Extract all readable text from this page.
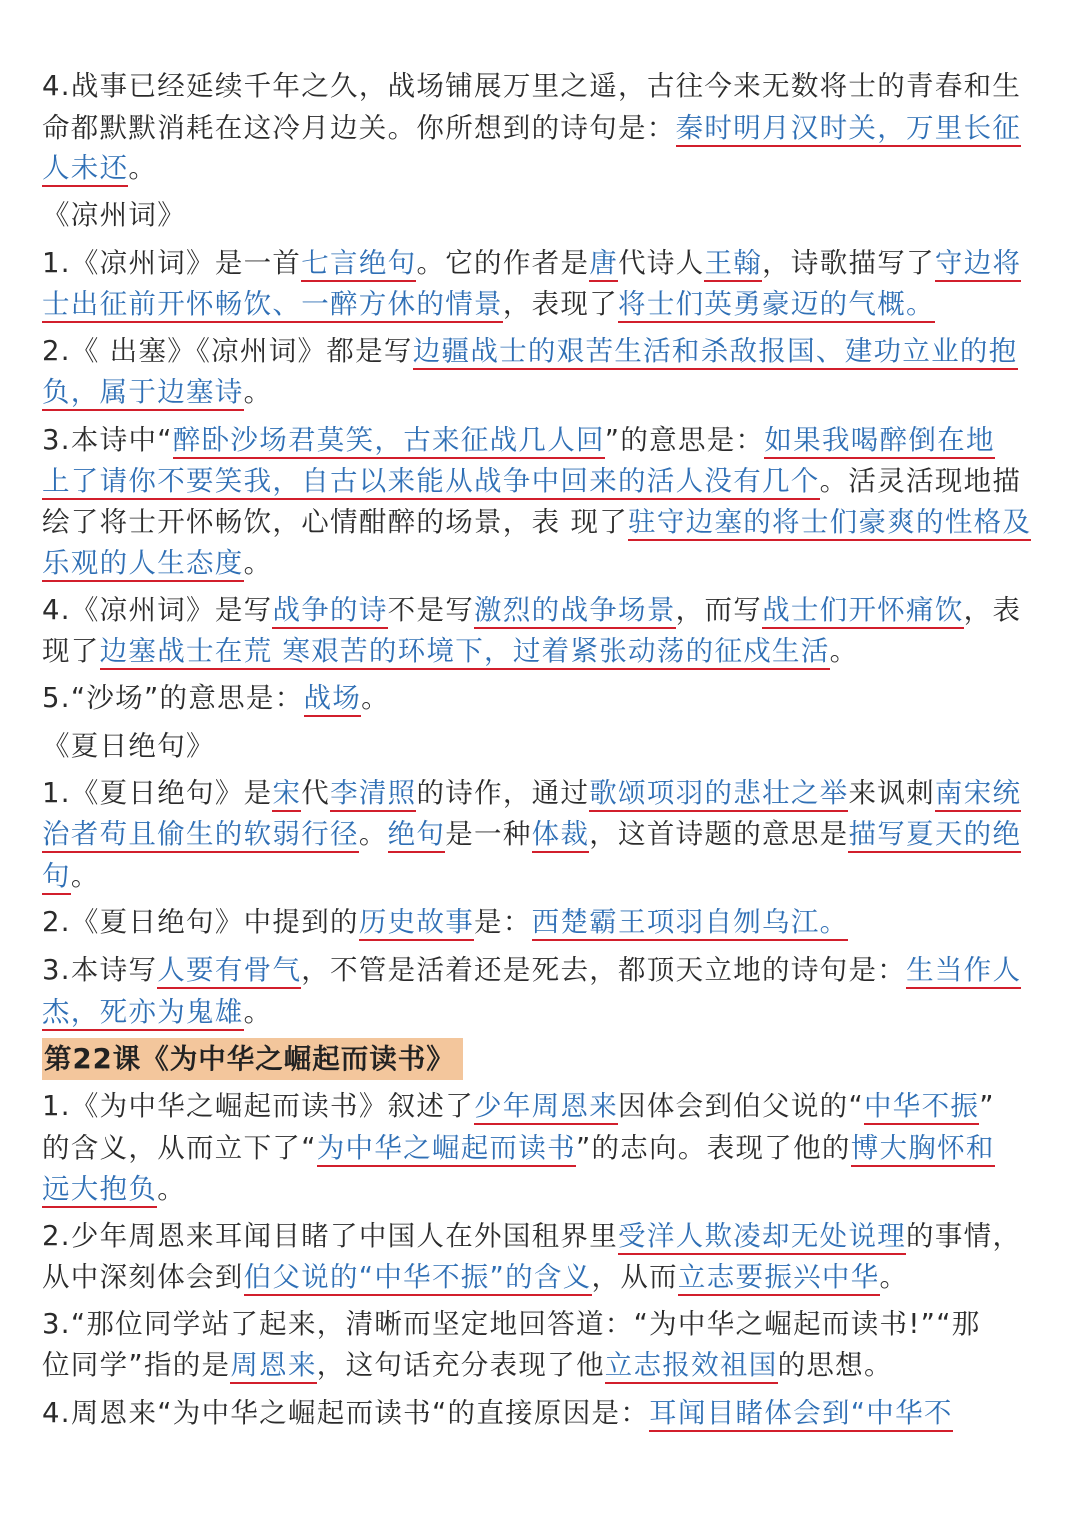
4.战事已经延续千年之久，战场铺展万里之遥，古往今来无数将士的青春和生
命都默默消耗在这冷月边关。你所想到的诗句是：秦时明月汉时关，万里长征
人未还。
《凉州词》
1.《凉州词》是一首七言绝句。它的作者是唐代诗人王翰，诗歌描写了守边将
士出征前开怀畅饮、一醉方休的情景，表现了将士们英勇豪迈的气概。
2.《 出塞》《凉州词》都是写边疆战士的艰苦生活和杀敌报国、建功立业的抱
负，属于边塞诗。
3.本诗中“醉卧沙场君莫笑，古来征战几人回”的意思是：如果我喝醉倒在地
上了请你不要笑我，自古以来能从战争中回来的活人没有几个。活灵活现地描
绘了将士开怀畅饮，心情酣醉的场景，表 现了驻守边塞的将士们豪爽的性格及
乐观的人生态度。
4.《凉州词》是写战争的诗不是写激烈的战争场景，而写战士们开怀痛饮，表
现了边塞战士在荒 寒艰苦的环境下，过着紧张动荡的征戍生活。
5.“沙场”的意思是：战场。
《夏日绝句》
1.《夏日绝句》是宋代李清照的诗作，通过歌颂项羽的悲壮之举来讽刺南宋统
治者苟且偷生的软弱行径。绝句是一种体裁，这首诗题的意思是描写夏天的绝
句。
2.《夏日绝句》中提到的历史故事是：西楚霸王项羽自刎乌江。
3.本诗写人要有骨气，不管是活着还是死去，都顶天立地的诗句是：生当作人
杰，死亦为鬼雄。
1.《为中华之崛起而读书》叙述了少年周恩来因体会到伯父说的“中华不振”
的含义，从而立下了“为中华之崛起而读书”的志向。表现了他的博大胸怀和
远大抱负。
2.少年周恩来耳闻目睹了中国人在外国租界里受洋人欺凌却无处说理的事情，
从中深刻体会到伯父说的“中华不振”的含义，从而立志要振兴中华。
3.“那位同学站了起来，清晰而坚定地回答道：“为中华之崛起而读书!”“那
位同学”指的是周恩来，这句话充分表现了他立志报效祖国的思想。
4.周恩来“为中华之崛起而读书“的直接原因是：耳闻目睹体会到“中华不
第22课《为中华之崛起而读书》
